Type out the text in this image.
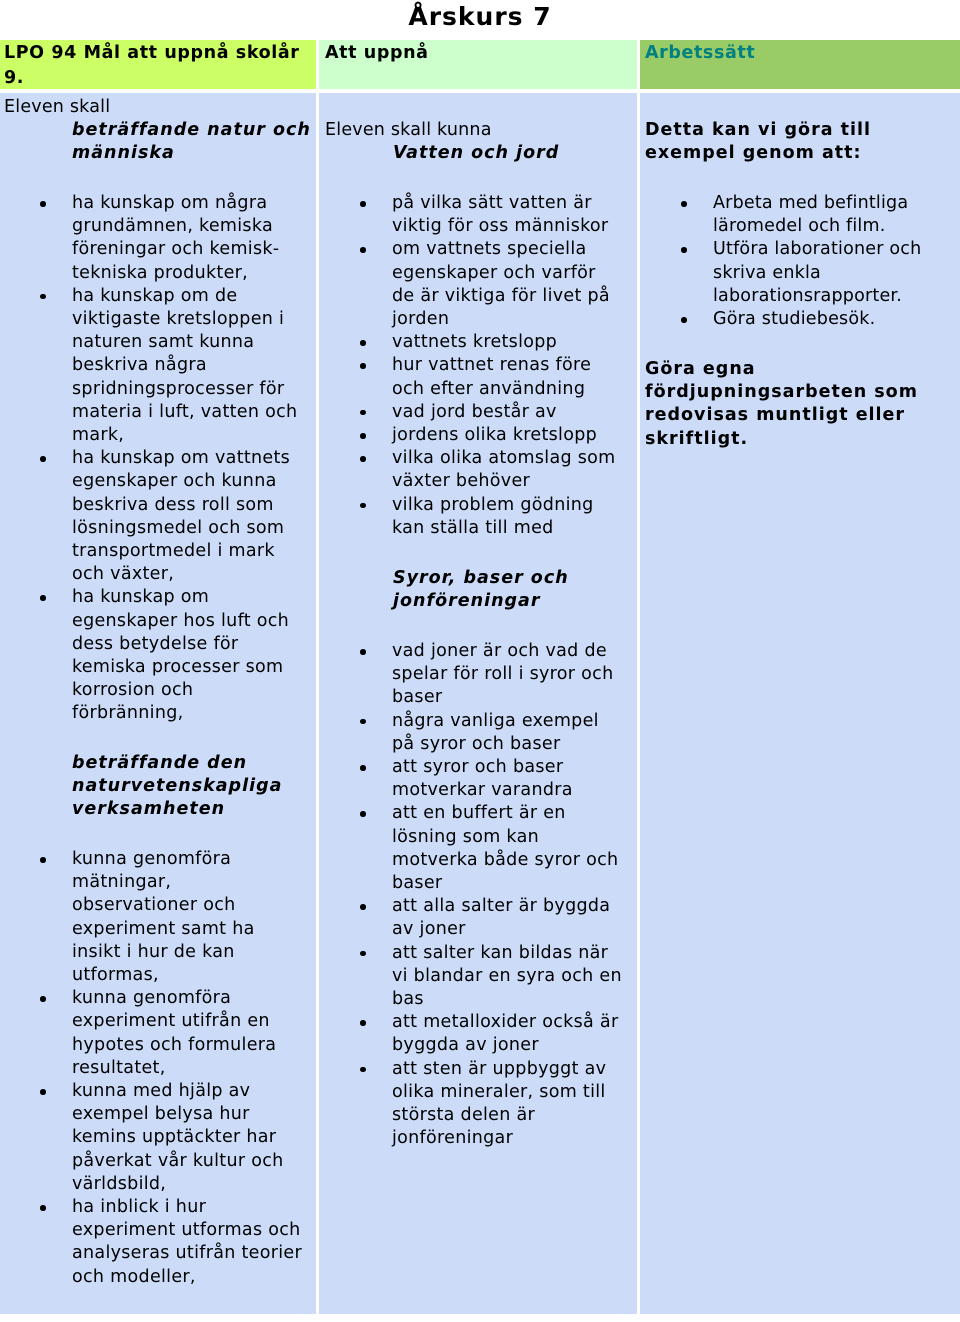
Årskurs 7
LPO 94 Mål att uppnå skolår
9.
Att uppnå	Arbetssätt
Eleven skall
beträffande natur och
människa
ha kunskap om några
grundämnen, kemiska
föreningar och kemisk-
tekniska produkter,
ha kunskap om de
viktigaste kretsloppen i
naturen samt kunna
beskriva några
spridningsprocesser för
materia i luft, vatten och
mark,
ha kunskap om vattnets
egenskaper och kunna
beskriva dess roll som
lösningsmedel och som
transportmedel i mark
och växter,
ha kunskap om
egenskaper hos luft och
dess betydelse för
kemiska processer som
korrosion och
förbränning,
beträffande den
naturvetenskapliga
verksamheten
kunna genomföra
mätningar,
observationer och
experiment samt ha
insikt i hur de kan
utformas,
kunna genomföra
experiment utifrån en
hypotes och formulera
resultatet,
kunna med hjälp av
exempel belysa hur
kemins upptäckter har
påverkat vår kultur och
världsbild,
ha inblick i hur
experiment utformas och
analyseras utifrån teorier
och modeller,
Eleven skall kunna
Vatten och jord
på vilka sätt vatten är
viktig för oss människor
om vattnets speciella
egenskaper och varför
de är viktiga för livet på
jorden
vattnets kretslopp
hur vattnet renas före
och efter användning
vad jord består av
jordens olika kretslopp
vilka olika atomslag som
växter behöver
vilka problem gödning
kan ställa till med
Syror, baser och
jonföreningar
vad joner är och vad de
spelar för roll i syror och
baser
några vanliga exempel
på syror och baser
att syror och baser
motverkar varandra
att en buffert är en
lösning som kan
motverka både syror och
baser
att alla salter är byggda
av joner
att salter kan bildas när
vi blandar en syra och en
bas
att metalloxider också är
byggda av joner
att sten är uppbyggt av
olika mineraler, som till
största delen är
jonföreningar
Detta kan vi göra till
exempel genom att:
Arbeta med befintliga
läromedel och film.
Utföra laborationer och
skriva enkla
laborationsrapporter.
Göra studiebesök.
Göra egna
fördjupningsarbeten som
redovisas muntligt eller
skriftligt.
